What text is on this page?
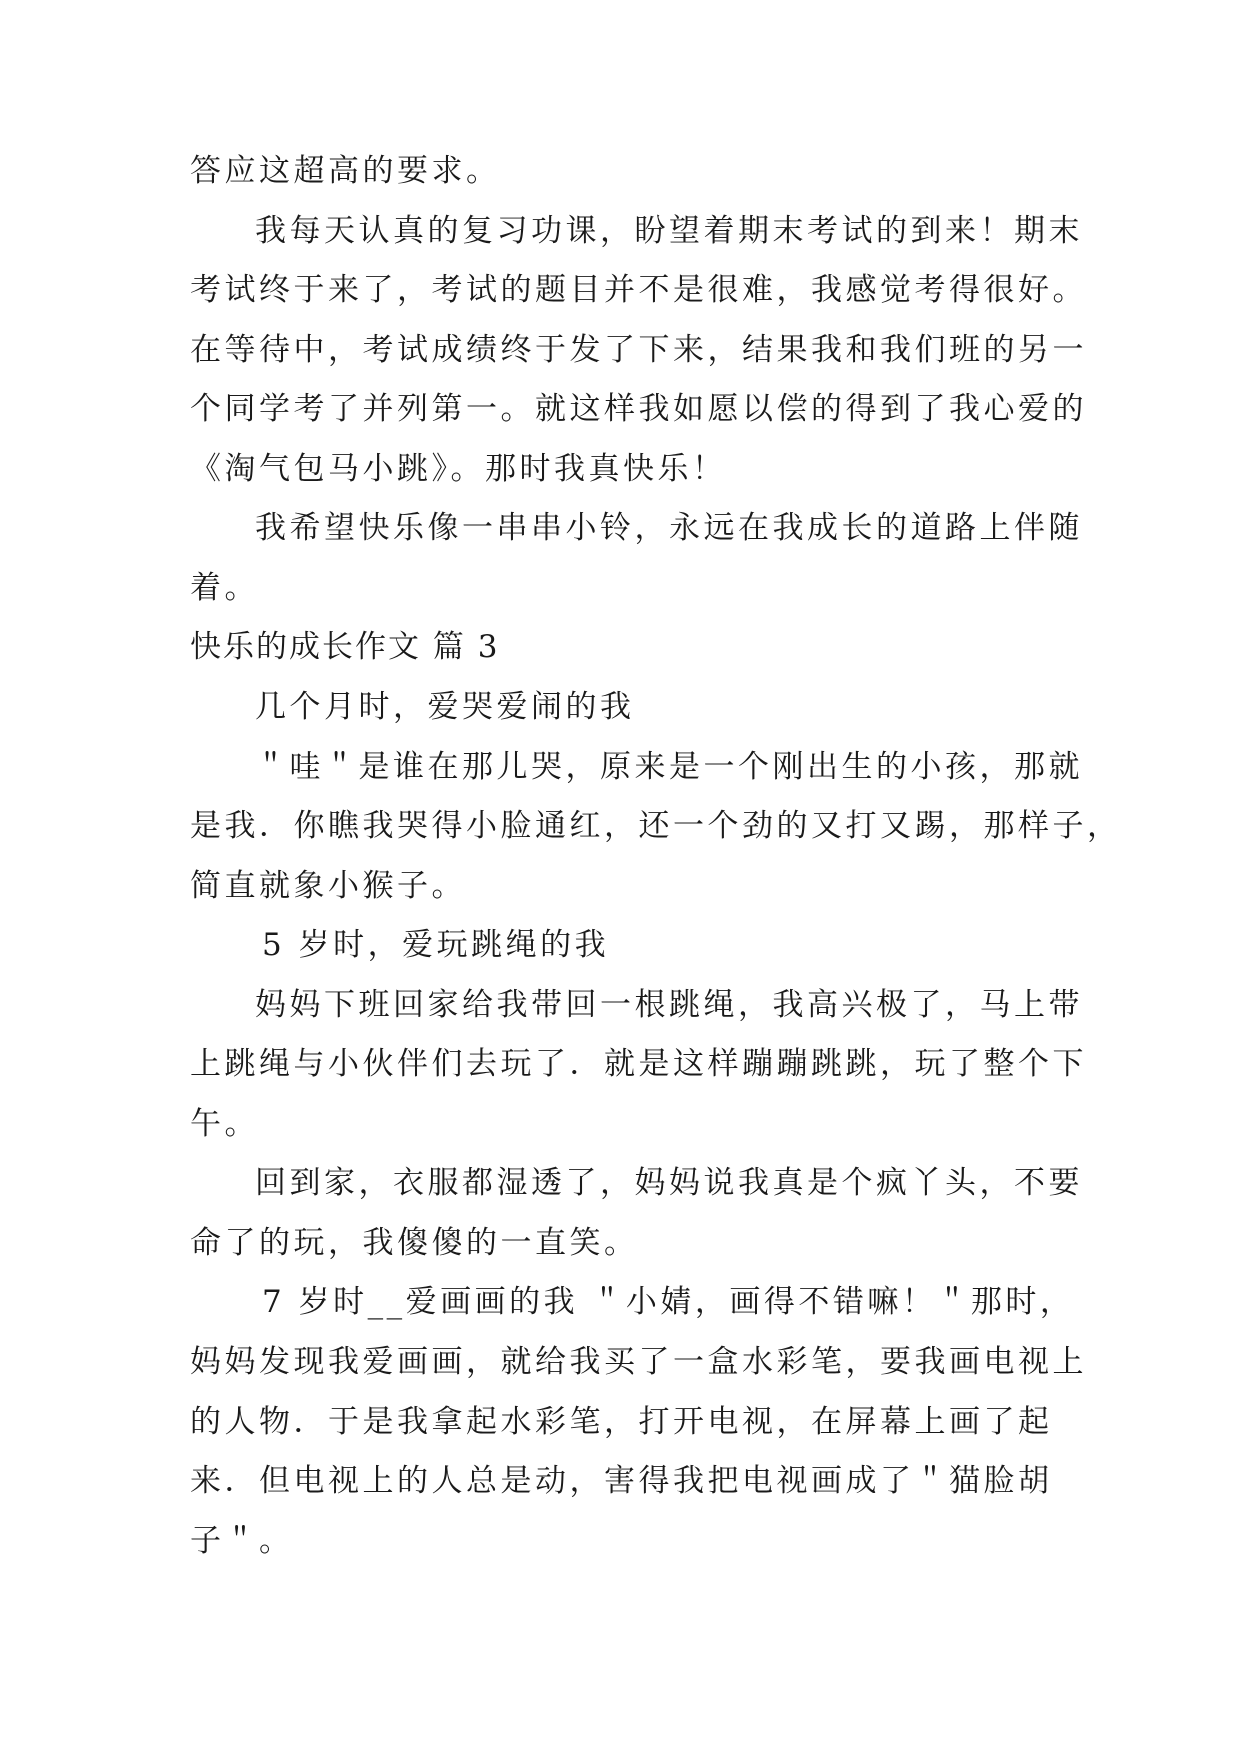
答应这超高的要求。
我每天认真的复习功课，盼望着期末考试的到来！期末
考试终于来了，考试的题目并不是很难，我感觉考得很好。
在等待中，考试成绩终于发了下来，结果我和我们班的另一
个同学考了并列第一。就这样我如愿以偿的得到了我心爱的
《淘气包马小跳》。那时我真快乐！
我希望快乐像一串串小铃，永远在我成长的道路上伴随
着。
快乐的成长作文 篇 3
几个月时，爱哭爱闹的我
＂哇＂是谁在那儿哭，原来是一个刚出生的小孩，那就
是我．你瞧我哭得小脸通红，还一个劲的又打又踢，那样子，
简直就象小猴子。
5 岁时，爱玩跳绳的我
妈妈下班回家给我带回一根跳绳，我高兴极了，马上带
上跳绳与小伙伴们去玩了．就是这样蹦蹦跳跳，玩了整个下
午。
回到家，衣服都湿透了，妈妈说我真是个疯丫头，不要
命了的玩，我傻傻的一直笑。
7 岁时__爱画画的我 ＂小婧，画得不错嘛！＂那时，
妈妈发现我爱画画，就给我买了一盒水彩笔，要我画电视上
的人物．于是我拿起水彩笔，打开电视，在屏幕上画了起
来．但电视上的人总是动，害得我把电视画成了＂猫脸胡
子＂。
